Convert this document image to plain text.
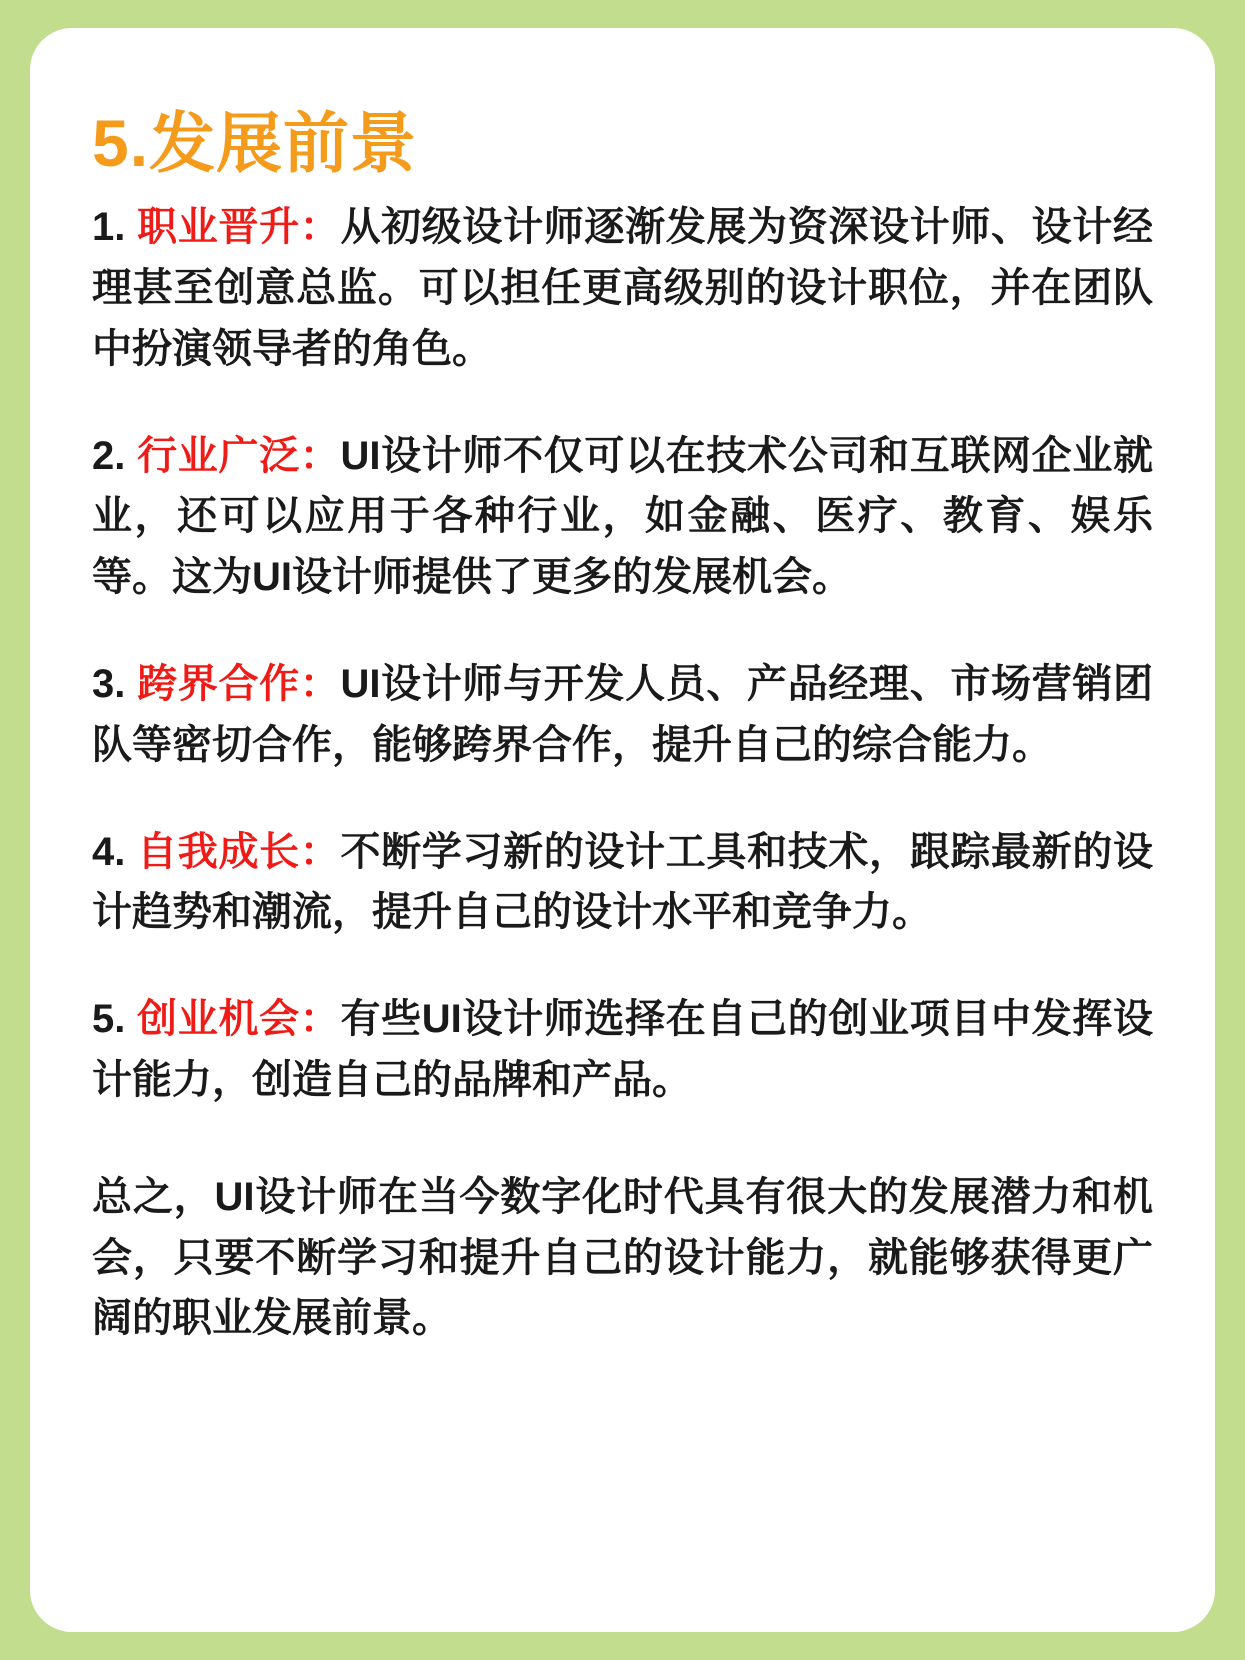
5.发展前景

1. 职业晋升：从初级设计师逐渐发展为资深设计师、设计经理甚至创意总监。可以担任更高级别的设计职位，并在团队中扮演领导者的角色。

2. 行业广泛：UI设计师不仅可以在技术公司和互联网企业就业，还可以应用于各种行业，如金融、医疗、教育、娱乐等。这为UI设计师提供了更多的发展机会。

3. 跨界合作：UI设计师与开发人员、产品经理、市场营销团队等密切合作，能够跨界合作，提升自己的综合能力。

4. 自我成长：不断学习新的设计工具和技术，跟踪最新的设计趋势和潮流，提升自己的设计水平和竞争力。

5. 创业机会：有些UI设计师选择在自己的创业项目中发挥设计能力，创造自己的品牌和产品。

总之，UI设计师在当今数字化时代具有很大的发展潜力和机会，只要不断学习和提升自己的设计能力，就能够获得更广阔的职业发展前景。
